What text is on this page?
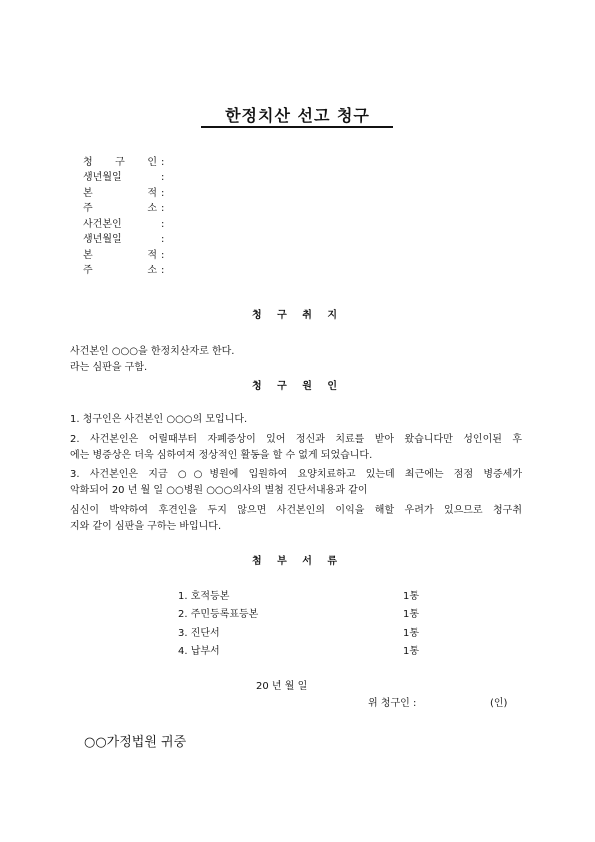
한정치산 선고 청구
청 구 인 :
생년월일	:
본 적 :
주 소 :
사건본인	:
생년월일	:
본 적 :
주 소 :
청 구 취 지
사건본인 ○○○을 한정치산자로 한다.
라는 심판을 구함.
청 구 원 인
1. 청구인은 사건본인 ○○○의 모입니다.
2. 사건본인은 어릴때부터 자폐증상이 있어 정신과 치료를 받아 왔습니다만 성인이된 후
에는 병증상은 더욱 심하여져 정상적인 활동을 할 수 없게 되었습니다.
3. 사건본인은 지금 ○○병원에 입원하여 요양치료하고 있는데 최근에는 점점 병증세가
악화되어 20 년 월 일 ○○병원 ○○○의사의 별첨 진단서내용과 같이
심신이 박약하여 후견인을 두지 않으면 사건본인의 이익을 해할 우려가 있으므로 청구취
지와 같이 심판을 구하는 바입니다.
첨 부 서 류
1. 호적등본	1통
2. 주민등록표등본	1통
3. 진단서	1통
4. 납부서	1통
20 년 월 일
위 청구인 :	(인)
○○가정법원 귀중
